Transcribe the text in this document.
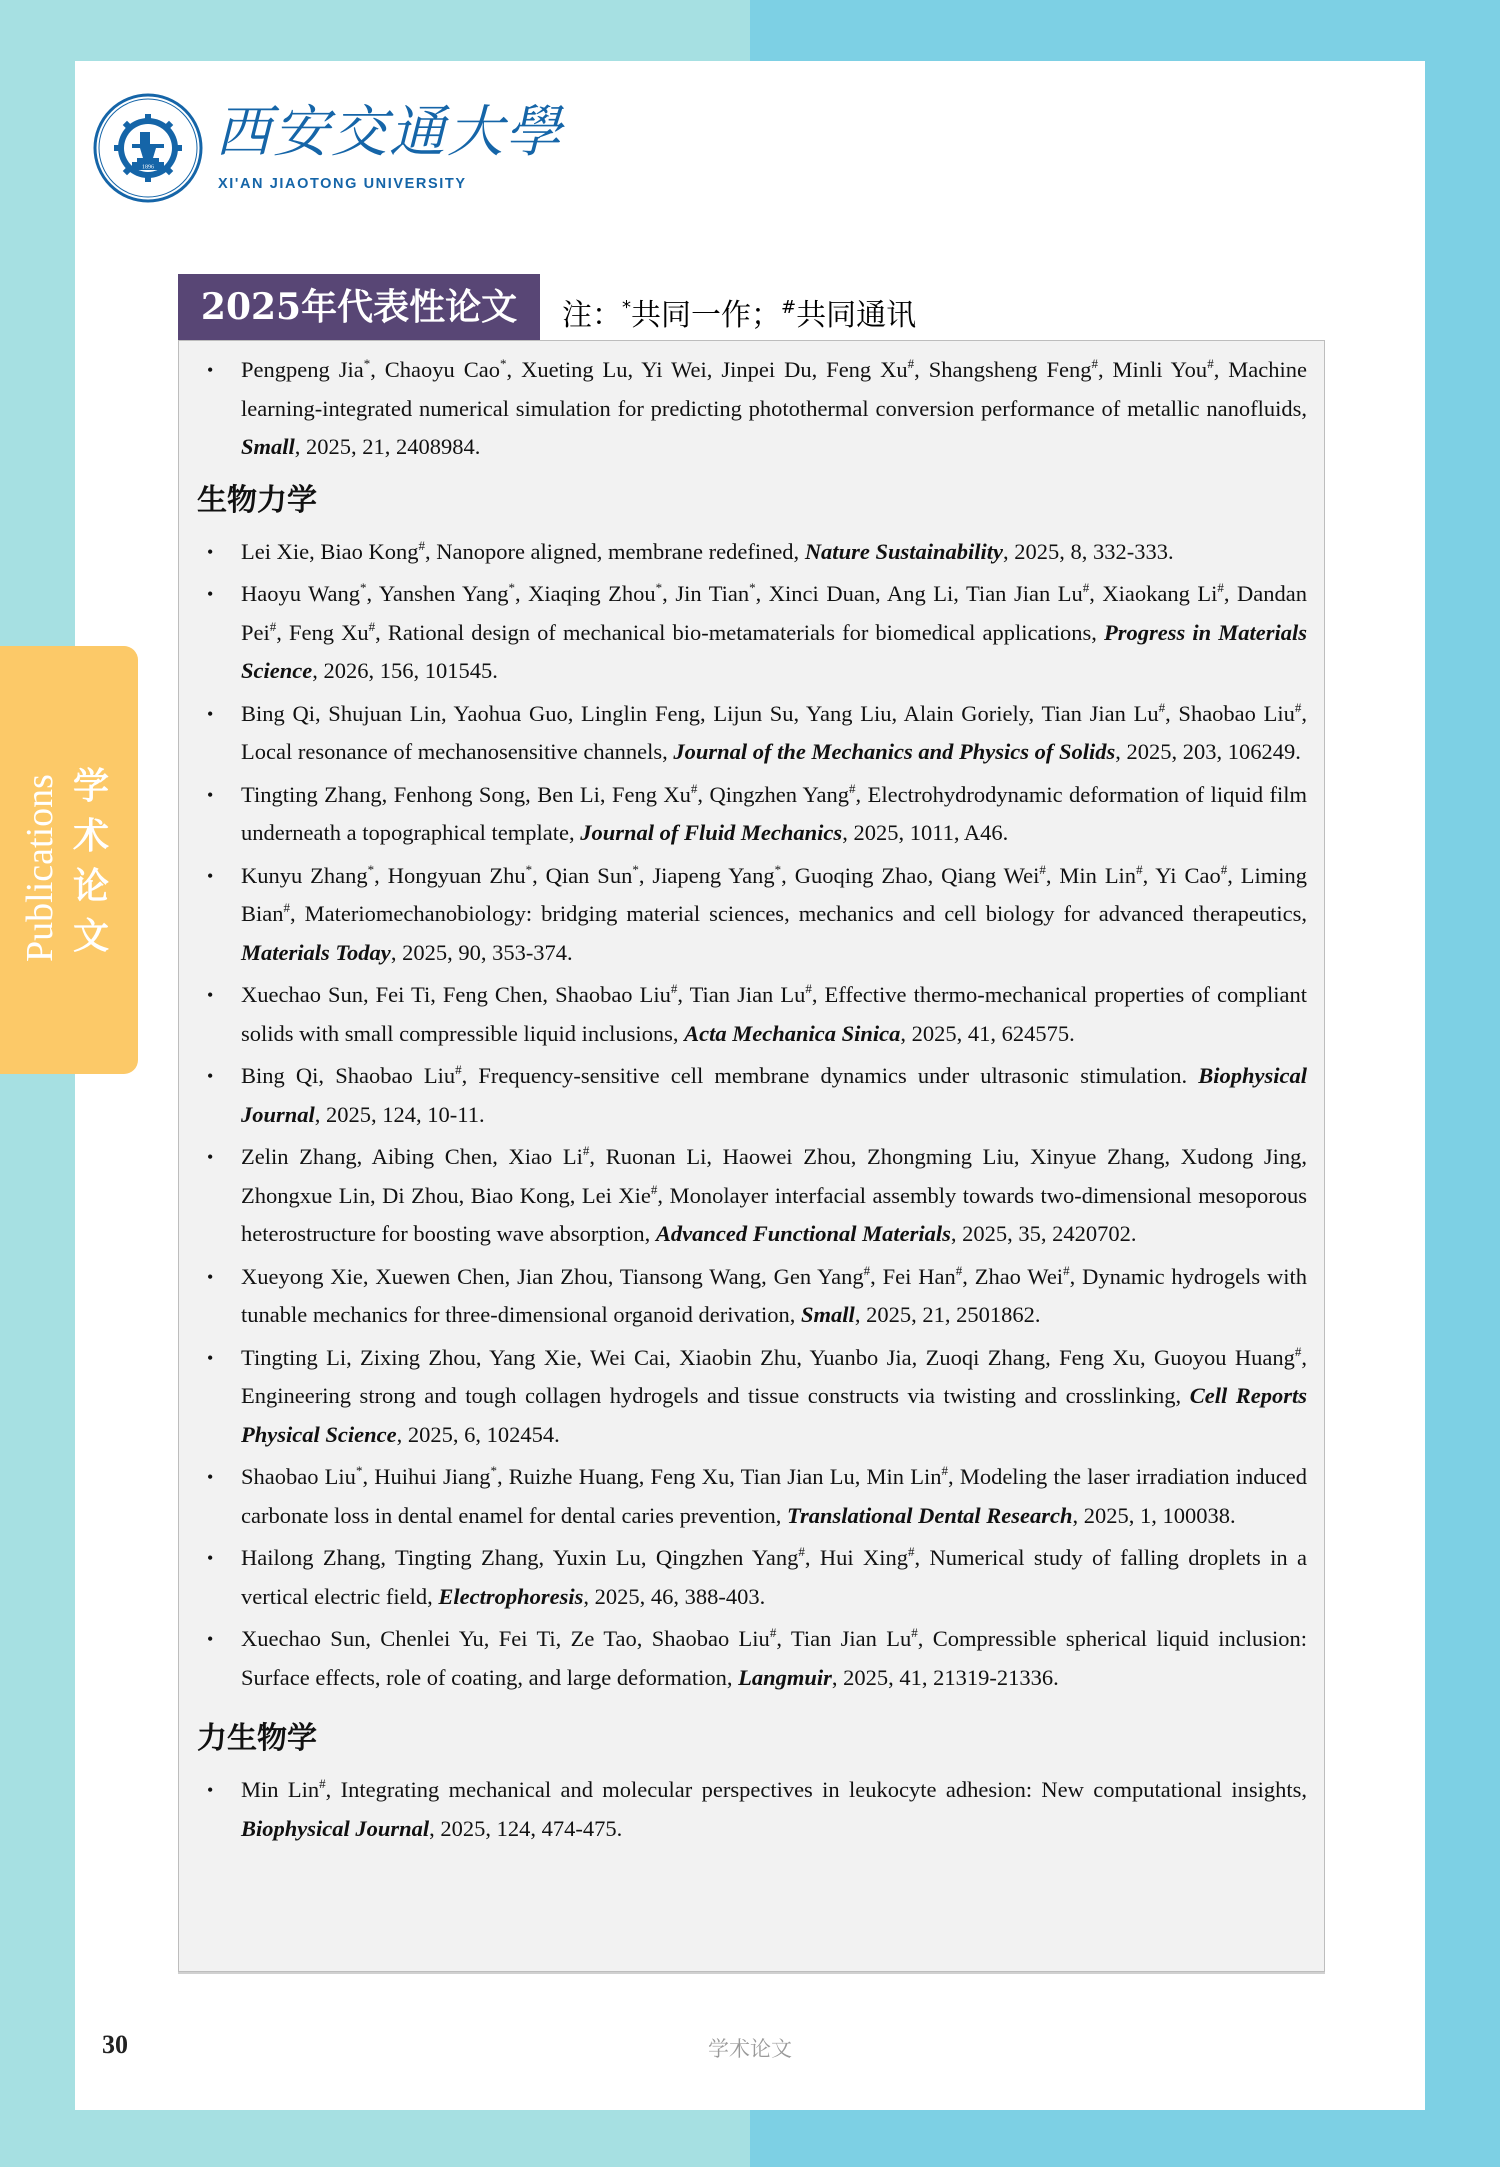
1896
西安交通大學
XI'AN JIAOTONG UNIVERSITY
Publications 学
术
论
文
2025年代表性论文	注：*共同一作；#共同通讯
• Pengpeng Jia*, Chaoyu Cao*, Xueting Lu, Yi Wei, Jinpei Du, Feng Xu#, Shangsheng Feng#, Minli You#, Machine learning-integrated numerical simulation for predicting photothermal conversion performance of metallic nanofluids, Small, 2025, 21, 2408984.
生物力学
• Lei Xie, Biao Kong#, Nanopore aligned, membrane redefined, Nature Sustainability, 2025, 8, 332-333.
• Haoyu Wang*, Yanshen Yang*, Xiaqing Zhou*, Jin Tian*, Xinci Duan, Ang Li, Tian Jian Lu#, Xiaokang Li#, Dandan Pei#, Feng Xu#, Rational design of mechanical bio-metamaterials for biomedical applications, Progress in Materials Science, 2026, 156, 101545.
• Bing Qi, Shujuan Lin, Yaohua Guo, Linglin Feng, Lijun Su, Yang Liu, Alain Goriely, Tian Jian Lu#, Shaobao Liu#, Local resonance of mechanosensitive channels, Journal of the Mechanics and Physics of Solids, 2025, 203, 106249.
• Tingting Zhang, Fenhong Song, Ben Li, Feng Xu#, Qingzhen Yang#, Electrohydrodynamic deformation of liquid film underneath a topographical template, Journal of Fluid Mechanics, 2025, 1011, A46.
• Kunyu Zhang*, Hongyuan Zhu*, Qian Sun*, Jiapeng Yang*, Guoqing Zhao, Qiang Wei#, Min Lin#, Yi Cao#, Liming Bian#, Materiomechanobiology: bridging material sciences, mechanics and cell biology for advanced therapeutics, Materials Today, 2025, 90, 353-374.
• Xuechao Sun, Fei Ti, Feng Chen, Shaobao Liu#, Tian Jian Lu#, Effective thermo-mechanical properties of compliant solids with small compressible liquid inclusions, Acta Mechanica Sinica, 2025, 41, 624575.
• Bing Qi, Shaobao Liu#, Frequency-sensitive cell membrane dynamics under ultrasonic stimulation. Biophysical Journal, 2025, 124, 10-11.
• Zelin Zhang, Aibing Chen, Xiao Li#, Ruonan Li, Haowei Zhou, Zhongming Liu, Xinyue Zhang, Xudong Jing, Zhongxue Lin, Di Zhou, Biao Kong, Lei Xie#, Monolayer interfacial assembly towards two-dimensional mesoporous heterostructure for boosting wave absorption, Advanced Functional Materials, 2025, 35, 2420702.
• Xueyong Xie, Xuewen Chen, Jian Zhou, Tiansong Wang, Gen Yang#, Fei Han#, Zhao Wei#, Dynamic hydrogels with tunable mechanics for three-dimensional organoid derivation, Small, 2025, 21, 2501862.
• Tingting Li, Zixing Zhou, Yang Xie, Wei Cai, Xiaobin Zhu, Yuanbo Jia, Zuoqi Zhang, Feng Xu, Guoyou Huang#, Engineering strong and tough collagen hydrogels and tissue constructs via twisting and crosslinking, Cell Reports Physical Science, 2025, 6, 102454.
• Shaobao Liu*, Huihui Jiang*, Ruizhe Huang, Feng Xu, Tian Jian Lu, Min Lin#, Modeling the laser irradiation induced carbonate loss in dental enamel for dental caries prevention, Translational Dental Research, 2025, 1, 100038.
• Hailong Zhang, Tingting Zhang, Yuxin Lu, Qingzhen Yang#, Hui Xing#, Numerical study of falling droplets in a vertical electric field, Electrophoresis, 2025, 46, 388-403.
• Xuechao Sun, Chenlei Yu, Fei Ti, Ze Tao, Shaobao Liu#, Tian Jian Lu#, Compressible spherical liquid inclusion: Surface effects, role of coating, and large deformation, Langmuir, 2025, 41, 21319-21336.
力生物学
• Min Lin#, Integrating mechanical and molecular perspectives in leukocyte adhesion: New computational insights, Biophysical Journal, 2025, 124, 474-475.
30	学术论文
